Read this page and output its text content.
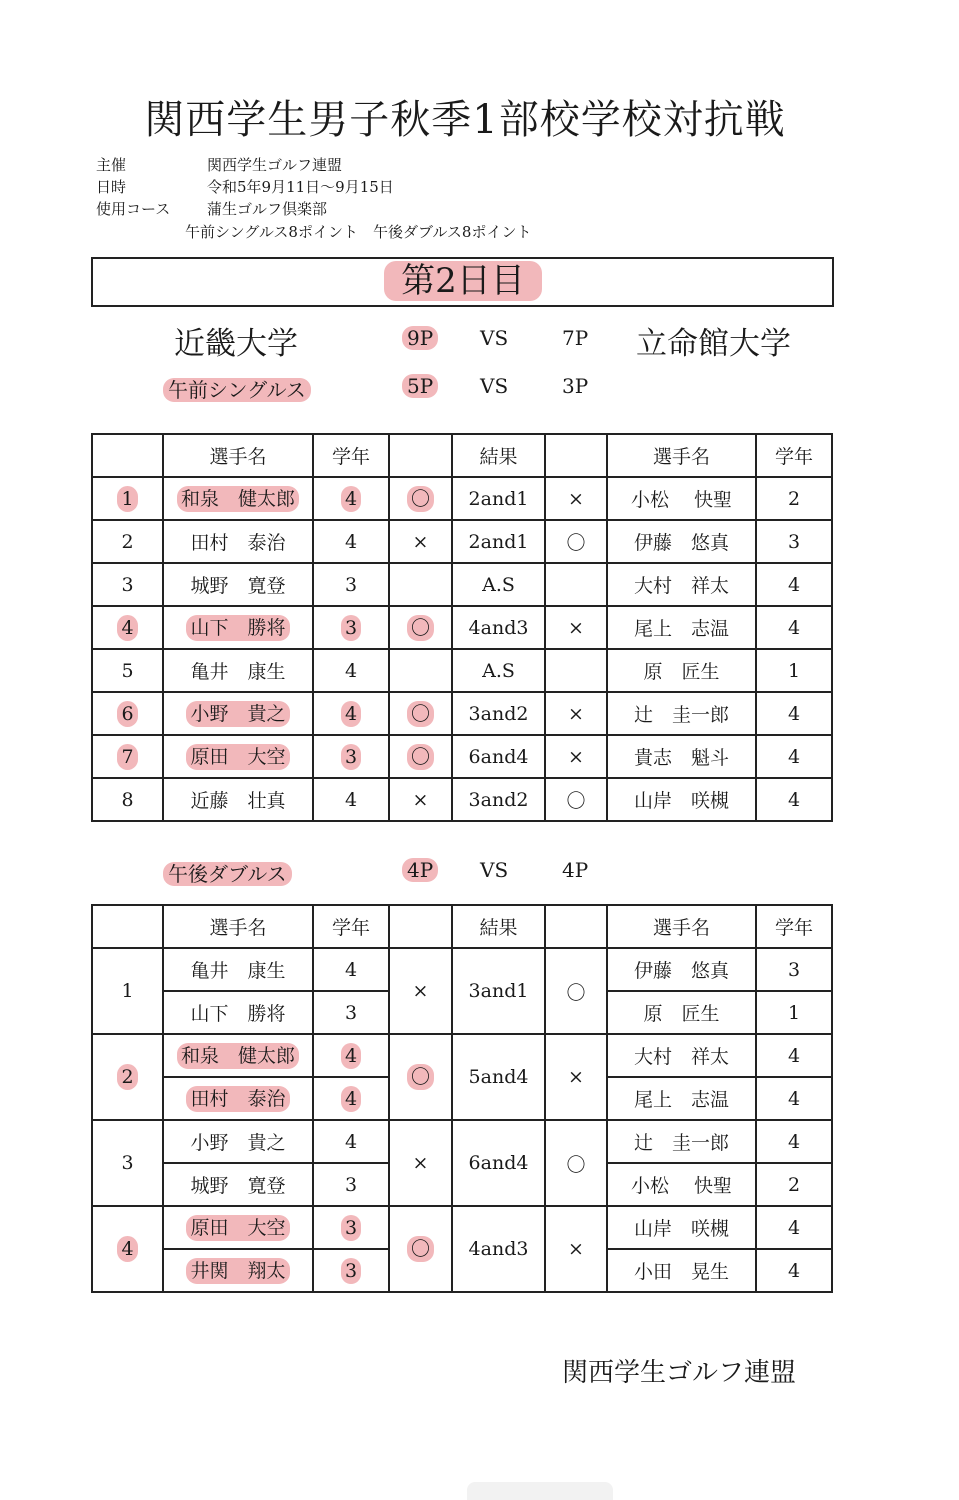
関西学生男子秋季1部校学校対抗戦
主催	関西学生ゴルフ連盟
日時	令和5年9月11日～9月15日
使用コース 蒲生ゴルフ倶楽部
午前シングルス8ポイント　午後ダブルス8ポイント
第2日目
近畿大学	9P VS	7P 立命館大学
午前シングルス	5P VS	3P
	選手名	学年		結果		選手名	学年
1	和泉　健太郎	4	〇	2and1	×	小松　 快聖	2
2	田村　泰治	4	×	2and1	〇	伊藤　悠真	3
3	城野　寛登	3		A.S		大村　祥太	4
4	山下　勝将	3	〇	4and3	×	尾上　志温	4
5	亀井　康生	4		A.S		原　匠生	1
6	小野　貴之	4	〇	3and2	×	辻　圭一郎	4
7	原田　大空	3	〇	6and4	×	貴志　魁斗	4
8	近藤　壮真	4	×	3and2	〇	山岸　咲槻	4
午後ダブルス	4P VS	4P
	選手名	学年		結果		選手名	学年
1	亀井　康生	4	×	3and1	〇	伊藤　悠真	3
	山下　勝将	3				原　匠生	1
2	和泉　健太郎	4	〇	5and4	×	大村　祥太	4
	田村　泰治	4				尾上　志温	4
3	小野　貴之	4	×	6and4	〇	辻　圭一郎	4
	城野　寛登	3				小松　 快聖	2
4	原田　大空	3	〇	4and3	×	山岸　咲槻	4
	井関　翔太	3				小田　晃生	4
関西学生ゴルフ連盟
